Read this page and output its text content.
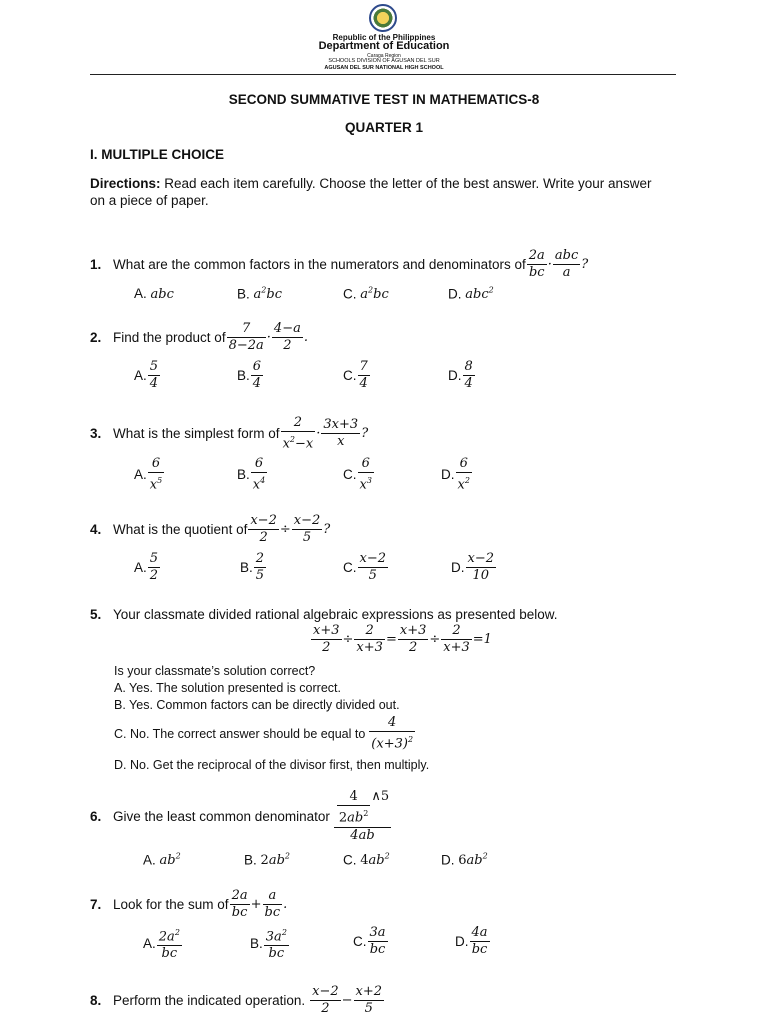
Republic of the Philippines
Department of Education
Caraga Region
SCHOOLS DIVISION OF AGUSAN DEL SUR
AGUSAN DEL SUR NATIONAL HIGH SCHOOL
SECOND SUMMATIVE TEST IN MATHEMATICS-8
QUARTER 1
I. MULTIPLE CHOICE
Directions: Read each item carefully. Choose the letter of the best answer. Write your answer
on a piece of paper.
1. What are the common factors in the numerators and denominators of $\frac{2a}{bc} \cdot \frac{\text{abc}}{a}$ ?
A. abc	B. $a^2bc$	C. $a^2bc$	D. abc$^2$
2. Find the product of $\frac{7}{8-2a} \cdot \frac{4-a}{2}$ .
A. $\frac{5}{4}$	B. $\frac{6}{4}$	C. $\frac{7}{4}$	D. $\frac{8}{4}$
3. What is the simplest form of $\frac{2}{x^2-x} \cdot \frac{3x+3}{x}$ ?
A. $\frac{6}{x^5}$	B. $\frac{6}{x^4}$	C. $\frac{6}{x^3}$	D. $\frac{6}{x^2}$
4. What is the quotient of $\frac{x-2}{2} \div \frac{x-2}{5}$ ?
A. $\frac{5}{2}$	B. $\frac{2}{5}$	C. $\frac{x-2}{5}$	D. $\frac{x-2}{10}$
5. Your classmate divided rational algebraic expressions as presented below.
$\frac{x+3}{2} \div \frac{2}{x+3} = \frac{x+3}{2} \div \frac{2}{x+3} =1$
Is your classmate’s solution correct?
A. Yes. The solution presented is correct.
B. Yes. Common factors can be directly divided out.
C. No. The correct answer should be equal to $\frac{4}{(x+3)^2}$
D. No. Get the reciprocal of the divisor first, then multiply.
6. Give the least common denominator $\frac{\frac{4}{2ab^2} \wedge 5}{4ab}$
A. $ab^2$	B. $2ab^2$	C. $4ab^2$	D. $6ab^2$
7. Look for the sum of $\frac{2a}{bc} + \frac{a}{bc}$ .
A. $\frac{2a^2}{bc}$	B. $\frac{3a^2}{bc}$	C. $\frac{3a}{bc}$	D. $\frac{4a}{bc}$
8. Perform the indicated operation. $\frac{x-2}{2} - \frac{x+2}{5}$
